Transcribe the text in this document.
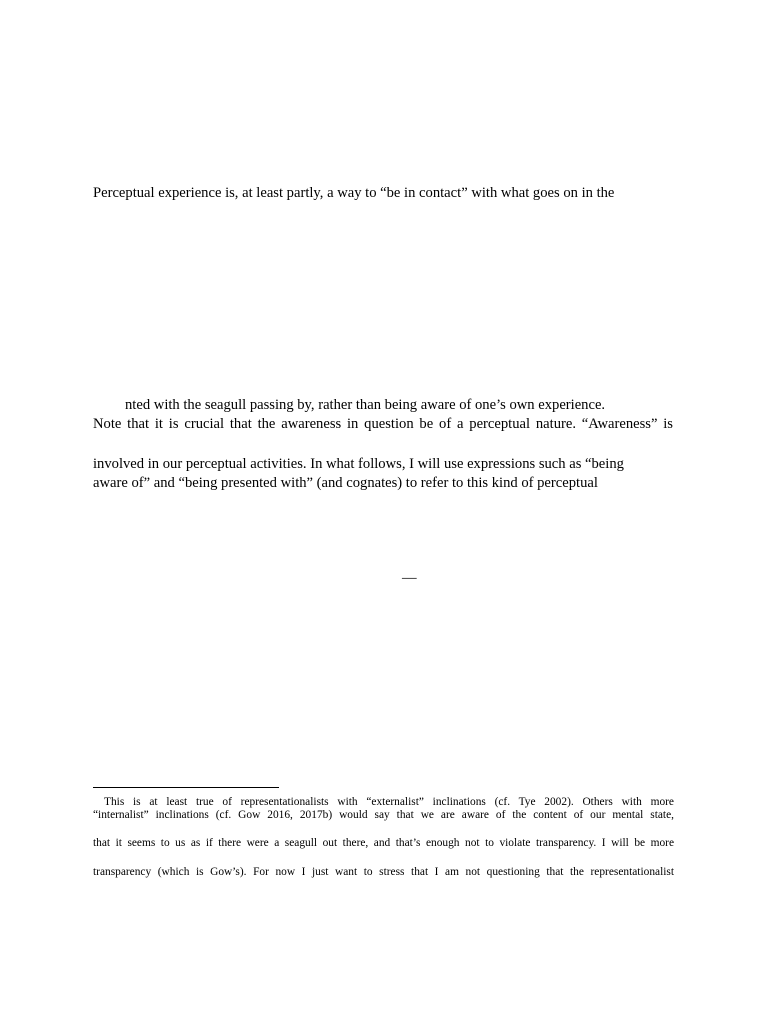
Perceptual experience is, at least partly, a way to “be in contact” with what goes on in the
nted with the seagull passing by, rather than being aware of one’s own experience.
Note that it is crucial that the awareness in question be of a perceptual nature. “Awareness” is
involved in our perceptual activities. In what follows, I will use expressions such as “being
aware of” and “being presented with” (and cognates) to refer to this kind of perceptual
—
This is at least true of representationalists with “externalist” inclinations (cf. Tye 2002). Others with more
“internalist” inclinations (cf. Gow 2016, 2017b) would say that we are aware of the content of our mental state,
that it seems to us as if there were a seagull out there, and that’s enough not to violate transparency. I will be more
transparency (which is Gow’s). For now I just want to stress that I am not questioning that the representationalist
